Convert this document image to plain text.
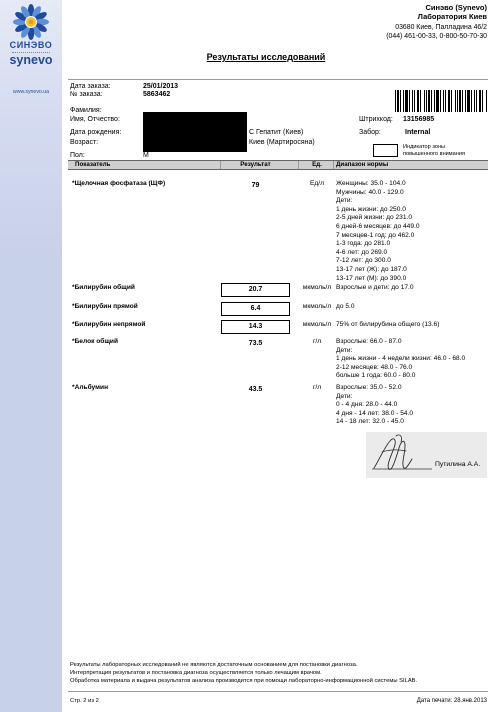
СИНЭВО
synevo
www.synevo.ua
Синэво (Synevo)
Лаборатория Киев
03680 Киев, Палладина 46/2
(044) 461-00-33, 0-800-50-70-30
Результаты исследований
Дата заказа:	25/01/2013
№ заказа:	5863462
Фамилия:
Имя, Отчество:
Дата рождения:
Возраст:
Пол:	М
С Гепатит (Киев)
Киев (Мартиросяна)
Штрихкод: 13156985
Забор:	Internal
Индикатор зоны
повышенного внимания
Показатель	Результат	Ед.	Диапазон нормы
*Щелочная фосфатаза (ЩФ)	79	Ед/л	Женщины: 35.0 - 104.0
Мужчины: 40.0 - 129.0
Дети:
1 день жизни: до 250.0
2-5 дней жизни: до 231.0
6 дней-6 месяцев: до 449.0
7 месяцев-1 год: до 462.0
1-3 года: до 281.0
4-6 лет: до 269.0
7-12 лет: до 300.0
13-17 лет (Ж): до 187.0
13-17 лет (М): до 390.0
*Билирубин общий	20.7	мкмоль/л Взрослые и дети: до 17.0
*Билирубин прямой	6.4	мкмоль/л до 5.0
*Билирубин непрямой	14.3	мкмоль/л 75% от билирубина общего (13.6)
*Белок общий	73.5	г/л	Взрослые: 66.0 - 87.0
Дети:
1 день жизни - 4 недели жизни: 46.0 - 68.0
2-12 месяцев: 48.0 - 76.0
больше 1 года: 60.0 - 80.0
*Альбумин	43.5	г/л	Взрослые: 35.0 - 52.0
Дети:
0 - 4 дня: 28.0 - 44.0
4 дня - 14 лет: 38.0 - 54.0
14 - 18 лет: 32.0 - 45.0
Путилина А.А.
Результаты лабораторных исследований не являются достаточным основанием для постановки диагноза.
Интерпретация результатов и постановка диагноза осуществляется только лечащим врачом.
Обработка материала и выдача результатов анализа производится при помощи лабораторно-информационной системы SILAB.
Стр. 2 из 2	Дата печати: 28.янв.2013
